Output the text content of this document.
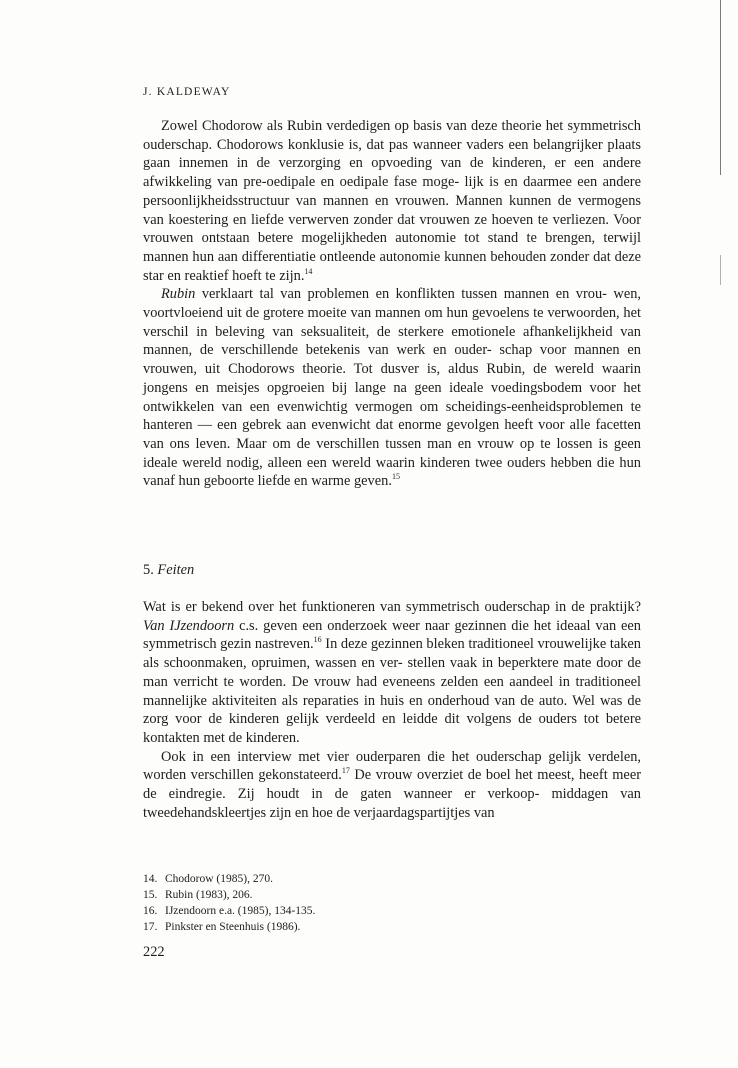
J. KALDEWAY

Zowel Chodorow als Rubin verdedigen op basis van deze theorie het symmetrisch ouderschap. Chodorows konklusie is, dat pas wanneer vaders een belangrijker plaats gaan innemen in de verzorging en opvoeding van de kinderen, er een andere afwikkeling van pre-oedipale en oedipale fase moge- lijk is en daarmee een andere persoonlijkheidsstructuur van mannen en vrouwen. Mannen kunnen de vermogens van koestering en liefde verwerven zonder dat vrouwen ze hoeven te verliezen. Voor vrouwen ontstaan betere mogelijkheden autonomie tot stand te brengen, terwijl mannen hun aan differentiatie ontleende autonomie kunnen behouden zonder dat deze star en reaktief hoeft te zijn.$^{14}$

Rubin verklaart tal van problemen en konflikten tussen mannen en vrou- wen, voortvloeiend uit de grotere moeite van mannen om hun gevoelens te verwoorden, het verschil in beleving van seksualiteit, de sterkere emotionele afhankelijkheid van mannen, de verschillende betekenis van werk en ouder- schap voor mannen en vrouwen, uit Chodorows theorie. Tot dusver is, aldus Rubin, de wereld waarin jongens en meisjes opgroeien bij lange na geen ideale voedingsbodem voor het ontwikkelen van een evenwichtig vermogen om scheidings-eenheidsproblemen te hanteren — een gebrek aan evenwicht dat enorme gevolgen heeft voor alle facetten van ons leven. Maar om de verschillen tussen man en vrouw op te lossen is geen ideale wereld nodig, alleen een wereld waarin kinderen twee ouders hebben die hun vanaf hun geboorte liefde en warme geven.$^{15}$

5. Feiten

Wat is er bekend over het funktioneren van symmetrisch ouderschap in de praktijk? Van IJzendoorn c.s. geven een onderzoek weer naar gezinnen die het ideaal van een symmetrisch gezin nastreven.$^{16}$ In deze gezinnen bleken traditioneel vrouwelijke taken als schoonmaken, opruimen, wassen en ver- stellen vaak in beperktere mate door de man verricht te worden. De vrouw had eveneens zelden een aandeel in traditioneel mannelijke aktiviteiten als reparaties in huis en onderhoud van de auto. Wel was de zorg voor de kinderen gelijk verdeeld en leidde dit volgens de ouders tot betere kontakten met de kinderen.

Ook in een interview met vier ouderparen die het ouderschap gelijk verdelen, worden verschillen gekonstateerd.$^{17}$ De vrouw overziet de boel het meest, heeft meer de eindregie. Zij houdt in de gaten wanneer er verkoop- middagen van tweedehandskleertjes zijn en hoe de verjaardagspartijtjes van

14. Chodorow (1985), 270.
15. Rubin (1983), 206.
16. IJzendoorn e.a. (1985), 134-135.
17. Pinkster en Steenhuis (1986).
222
